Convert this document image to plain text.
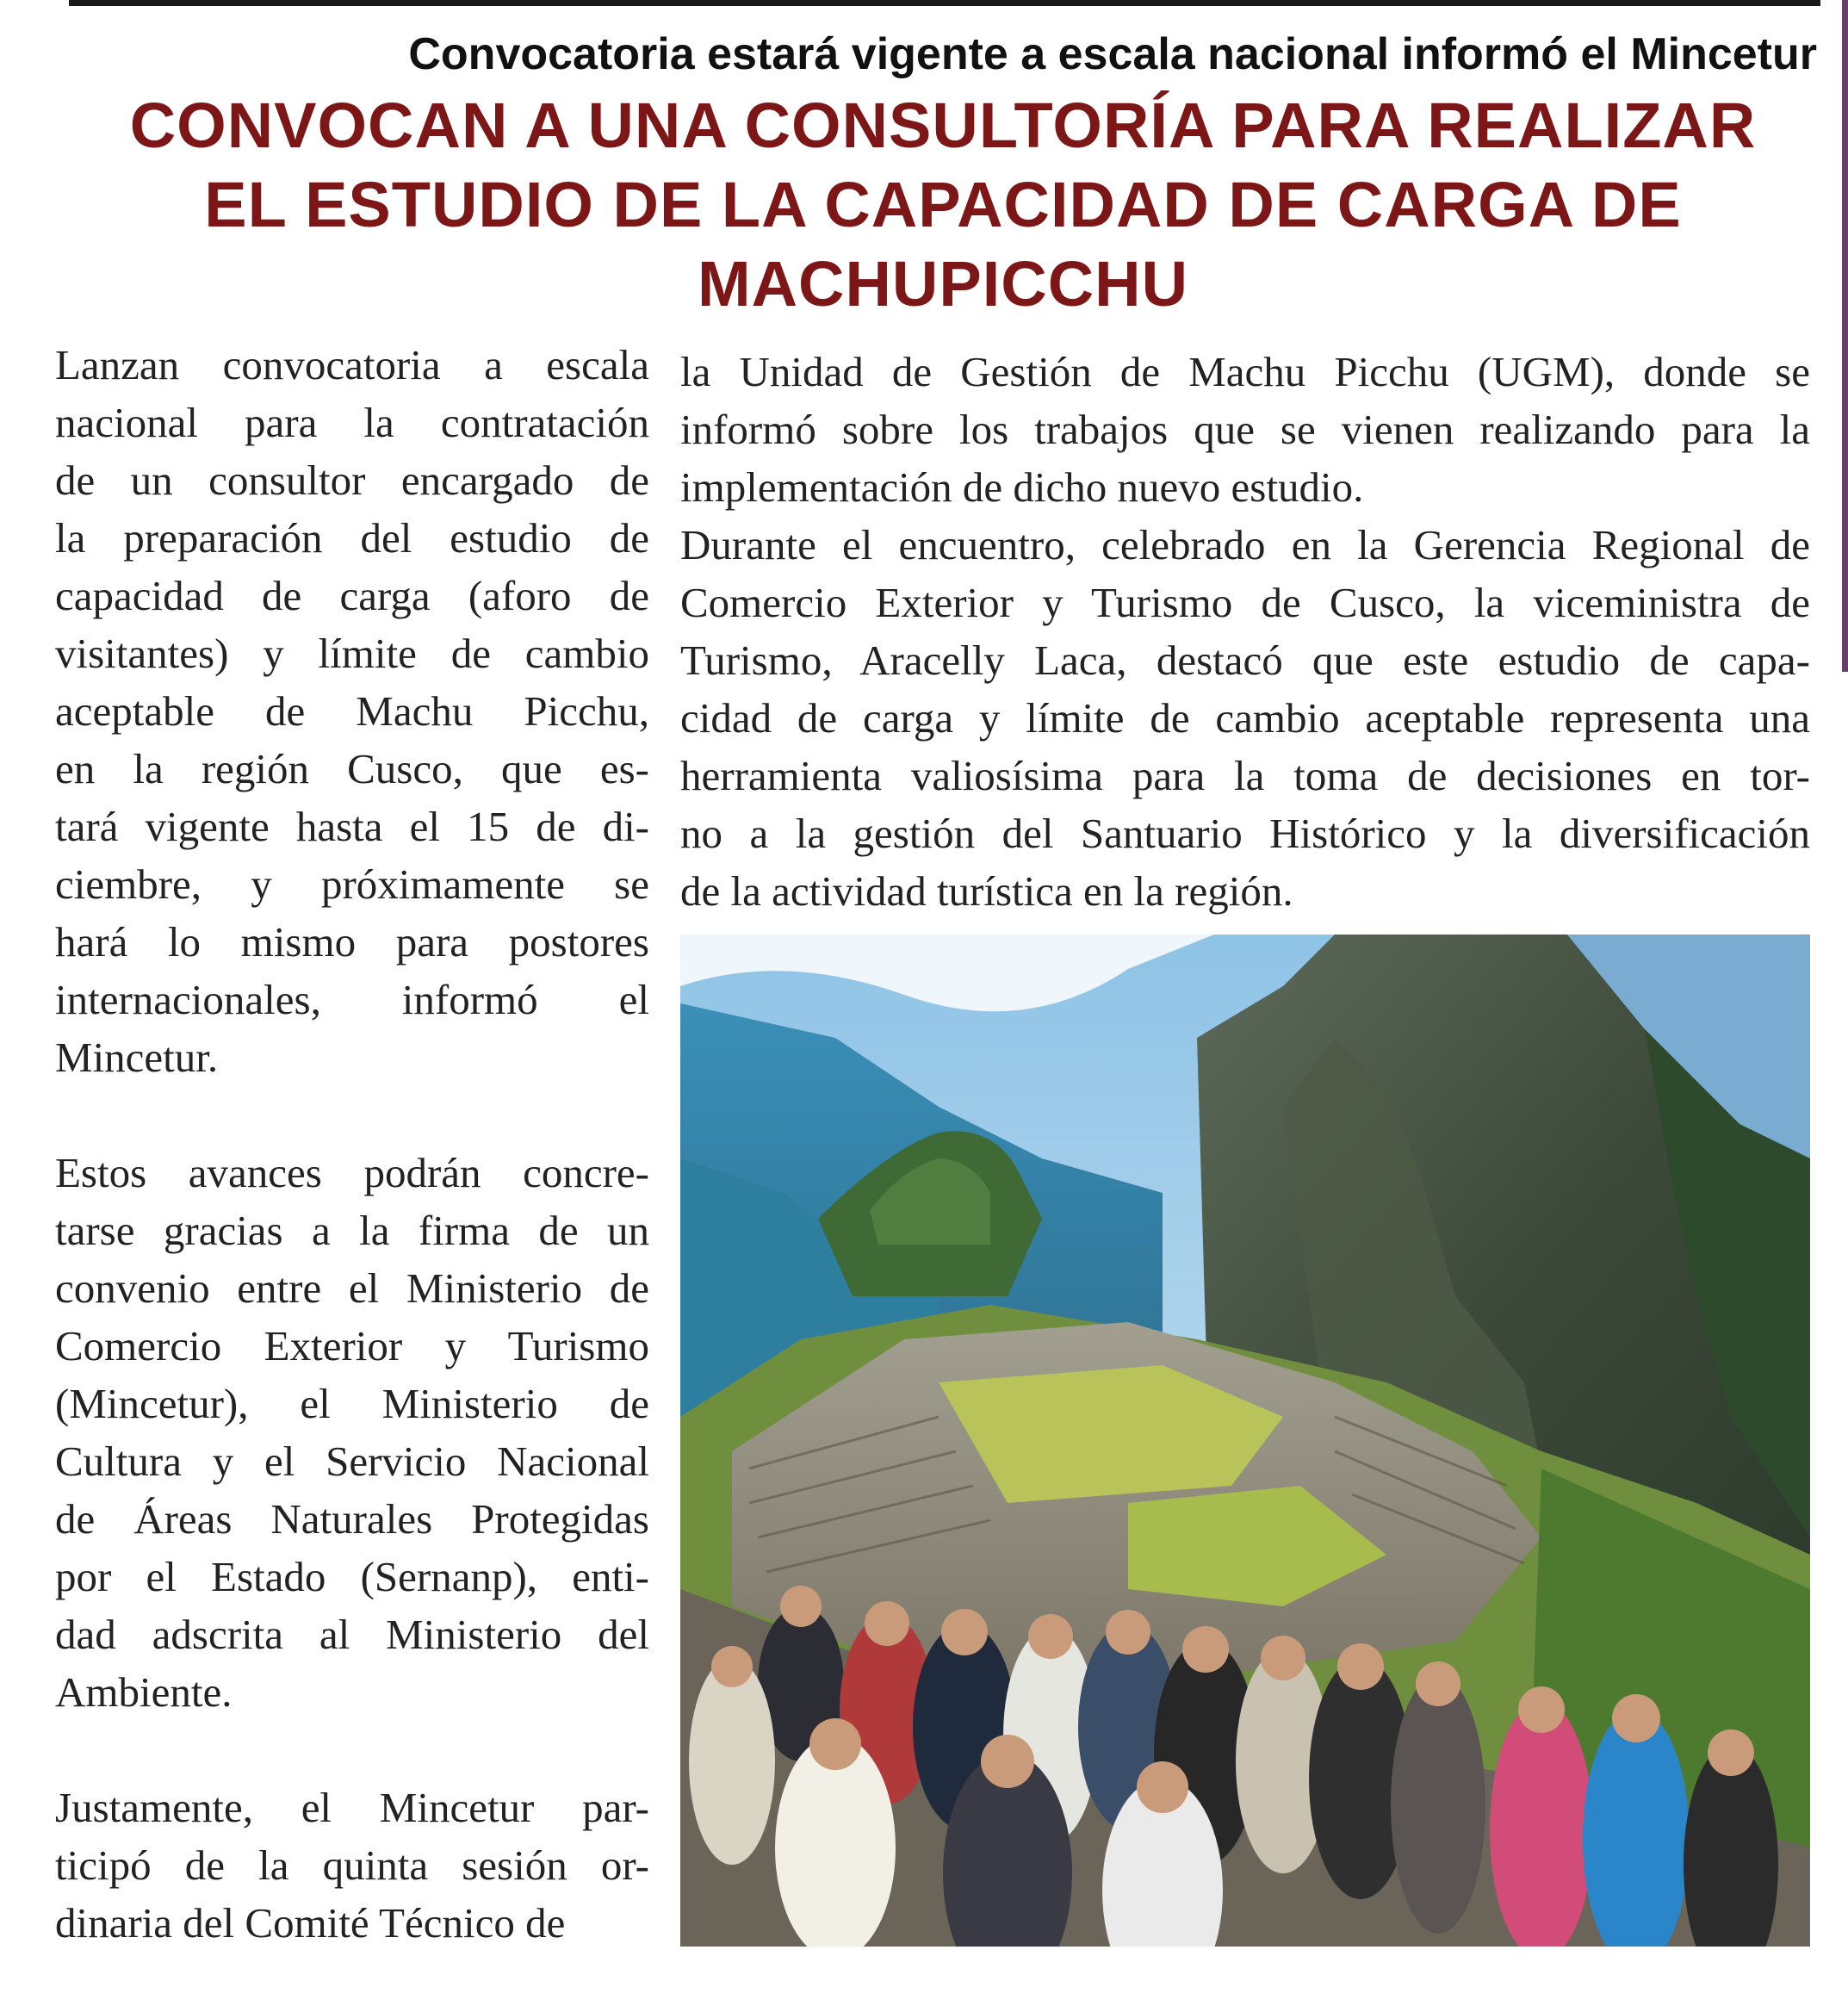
Convocatoria estará vigente a escala nacional informó el Mincetur
CONVOCAN A UNA CONSULTORÍA PARA REALIZAR
EL ESTUDIO DE LA CAPACIDAD DE CARGA DE
MACHUPICCHU

Lanzan convocatoria a escala
nacional para la contratación
de un consultor encargado de
la preparación del estudio de
capacidad de carga (aforo de
visitantes) y límite de cambio
aceptable de Machu Picchu,
en la región Cusco, que es-
tará vigente hasta el 15 de di-
ciembre, y próximamente se
hará lo mismo para postores
internacionales, informó el
Mincetur.

Estos avances podrán concre-
tarse gracias a la firma de un
convenio entre el Ministerio de
Comercio Exterior y Turismo
(Mincetur), el Ministerio de
Cultura y el Servicio Nacional
de Áreas Naturales Protegidas
por el Estado (Sernanp), enti-
dad adscrita al Ministerio del
Ambiente.

Justamente, el Mincetur par-
ticipó de la quinta sesión or-
dinaria del Comité Técnico de

la Unidad de Gestión de Machu Picchu (UGM), donde se
informó sobre los trabajos que se vienen realizando para la
implementación de dicho nuevo estudio.

Durante el encuentro, celebrado en la Gerencia Regional de
Comercio Exterior y Turismo de Cusco, la viceministra de
Turismo, Aracelly Laca, destacó que este estudio de capa-
cidad de carga y límite de cambio aceptable representa una
herramienta valiosísima para la toma de decisiones en tor-
no a la gestión del Santuario Histórico y la diversificación
de la actividad turística en la región.
